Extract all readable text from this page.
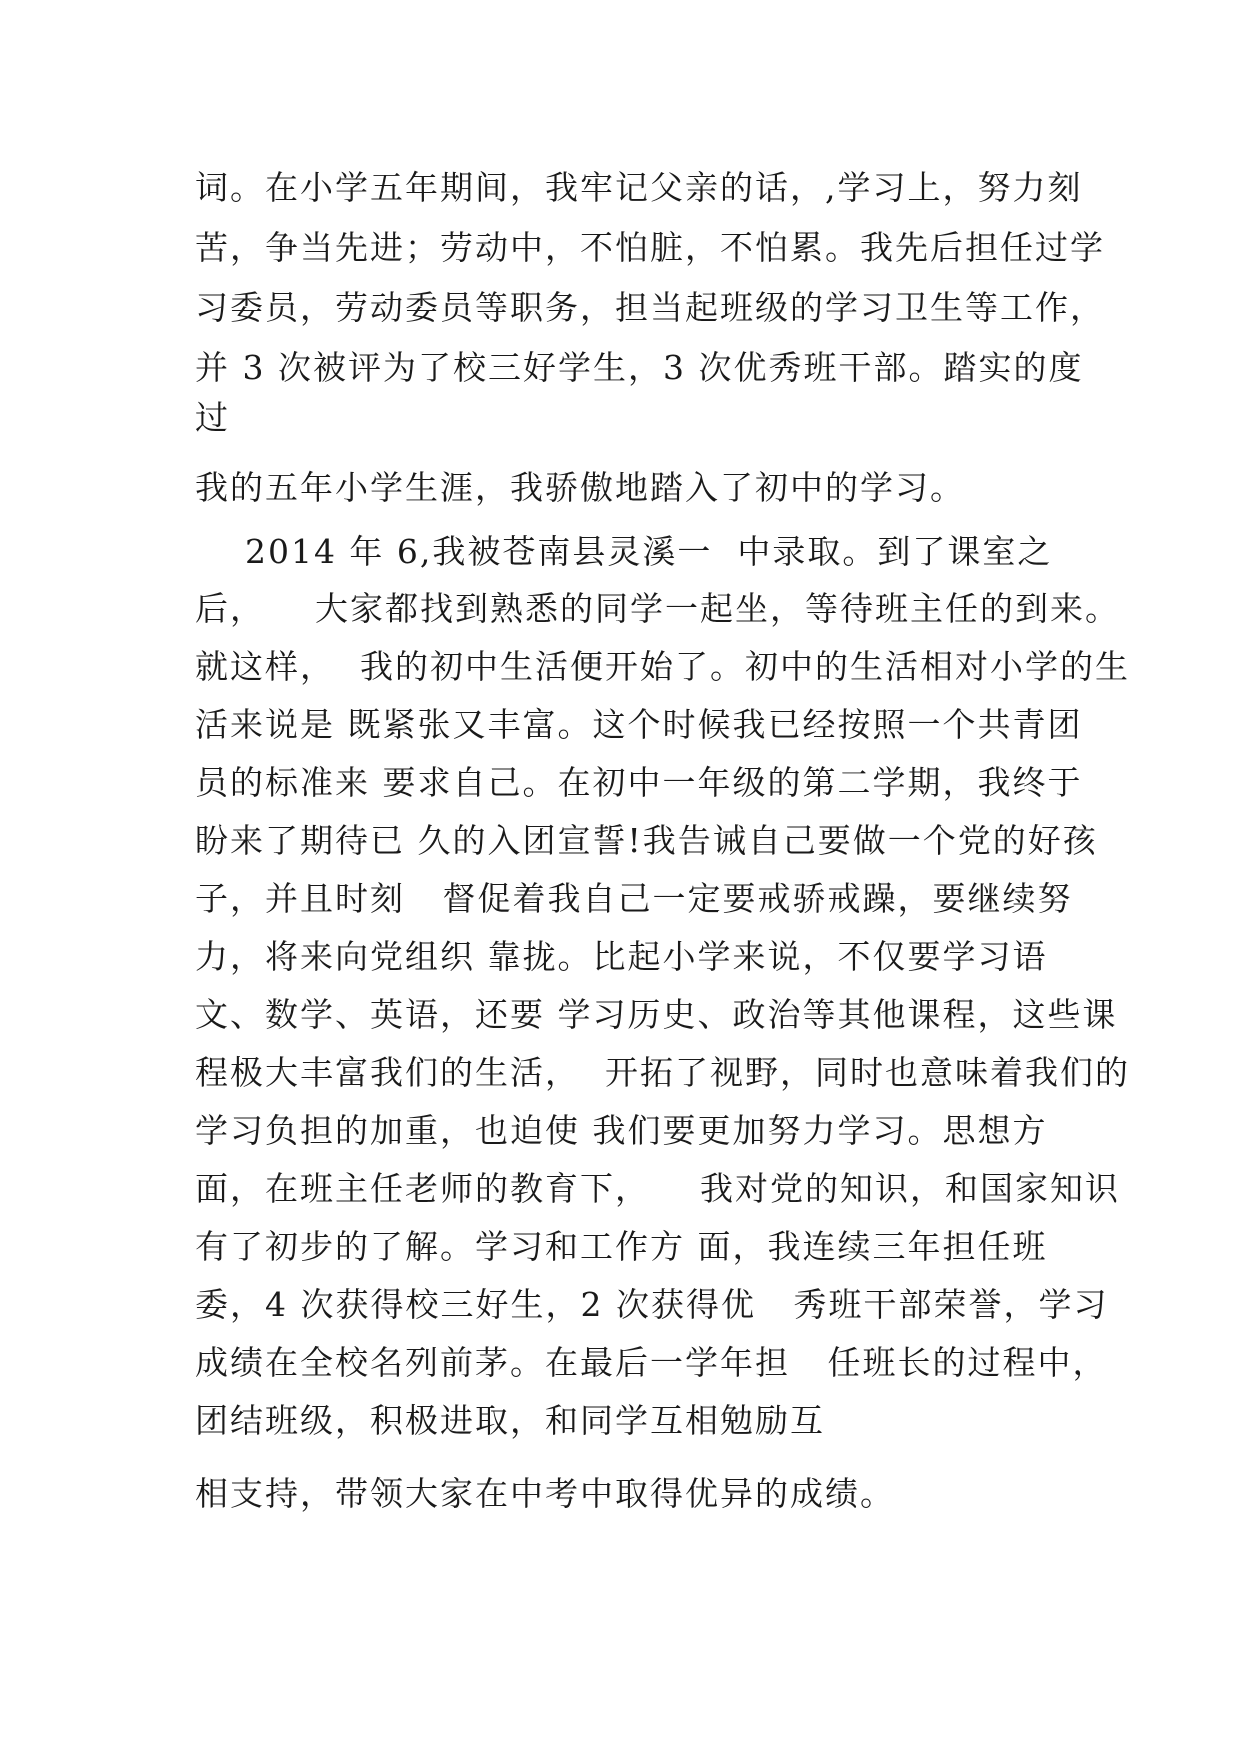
词。在小学五年期间，我牢记父亲的话，,学习上，努力刻
苦，争当先进；劳动中，不怕脏，不怕累。我先后担任过学
习委员，劳动委员等职务，担当起班级的学习卫生等工作，
并 3 次被评为了校三好学生，3 次优秀班干部。踏实的度
过
我的五年小学生涯，我骄傲地踏入了初中的学习。
2014 年 6,我被苍南县灵溪一  中录取。到了课室之
后，    大家都找到熟悉的同学一起坐，等待班主任的到来。
就这样，  我的初中生活便开始了。初中的生活相对小学的生
活来说是 既紧张又丰富。这个时候我已经按照一个共青团
员的标准来 要求自己。在初中一年级的第二学期，我终于
盼来了期待已 久的入团宣誓!我告诫自己要做一个党的好孩
子，并且时刻   督促着我自己一定要戒骄戒躁，要继续努
力，将来向党组织 靠拢。比起小学来说，不仅要学习语
文、数学、英语，还要 学习历史、政治等其他课程，这些课
程极大丰富我们的生活，  开拓了视野，同时也意味着我们的
学习负担的加重，也迫使 我们要更加努力学习。思想方
面，在班主任老师的教育下，    我对党的知识，和国家知识
有了初步的了解。学习和工作方 面，我连续三年担任班
委，4 次获得校三好生，2 次获得优   秀班干部荣誉，学习
成绩在全校名列前茅。在最后一学年担   任班长的过程中，
团结班级，积极进取，和同学互相勉励互
相支持，带领大家在中考中取得优异的成绩。
